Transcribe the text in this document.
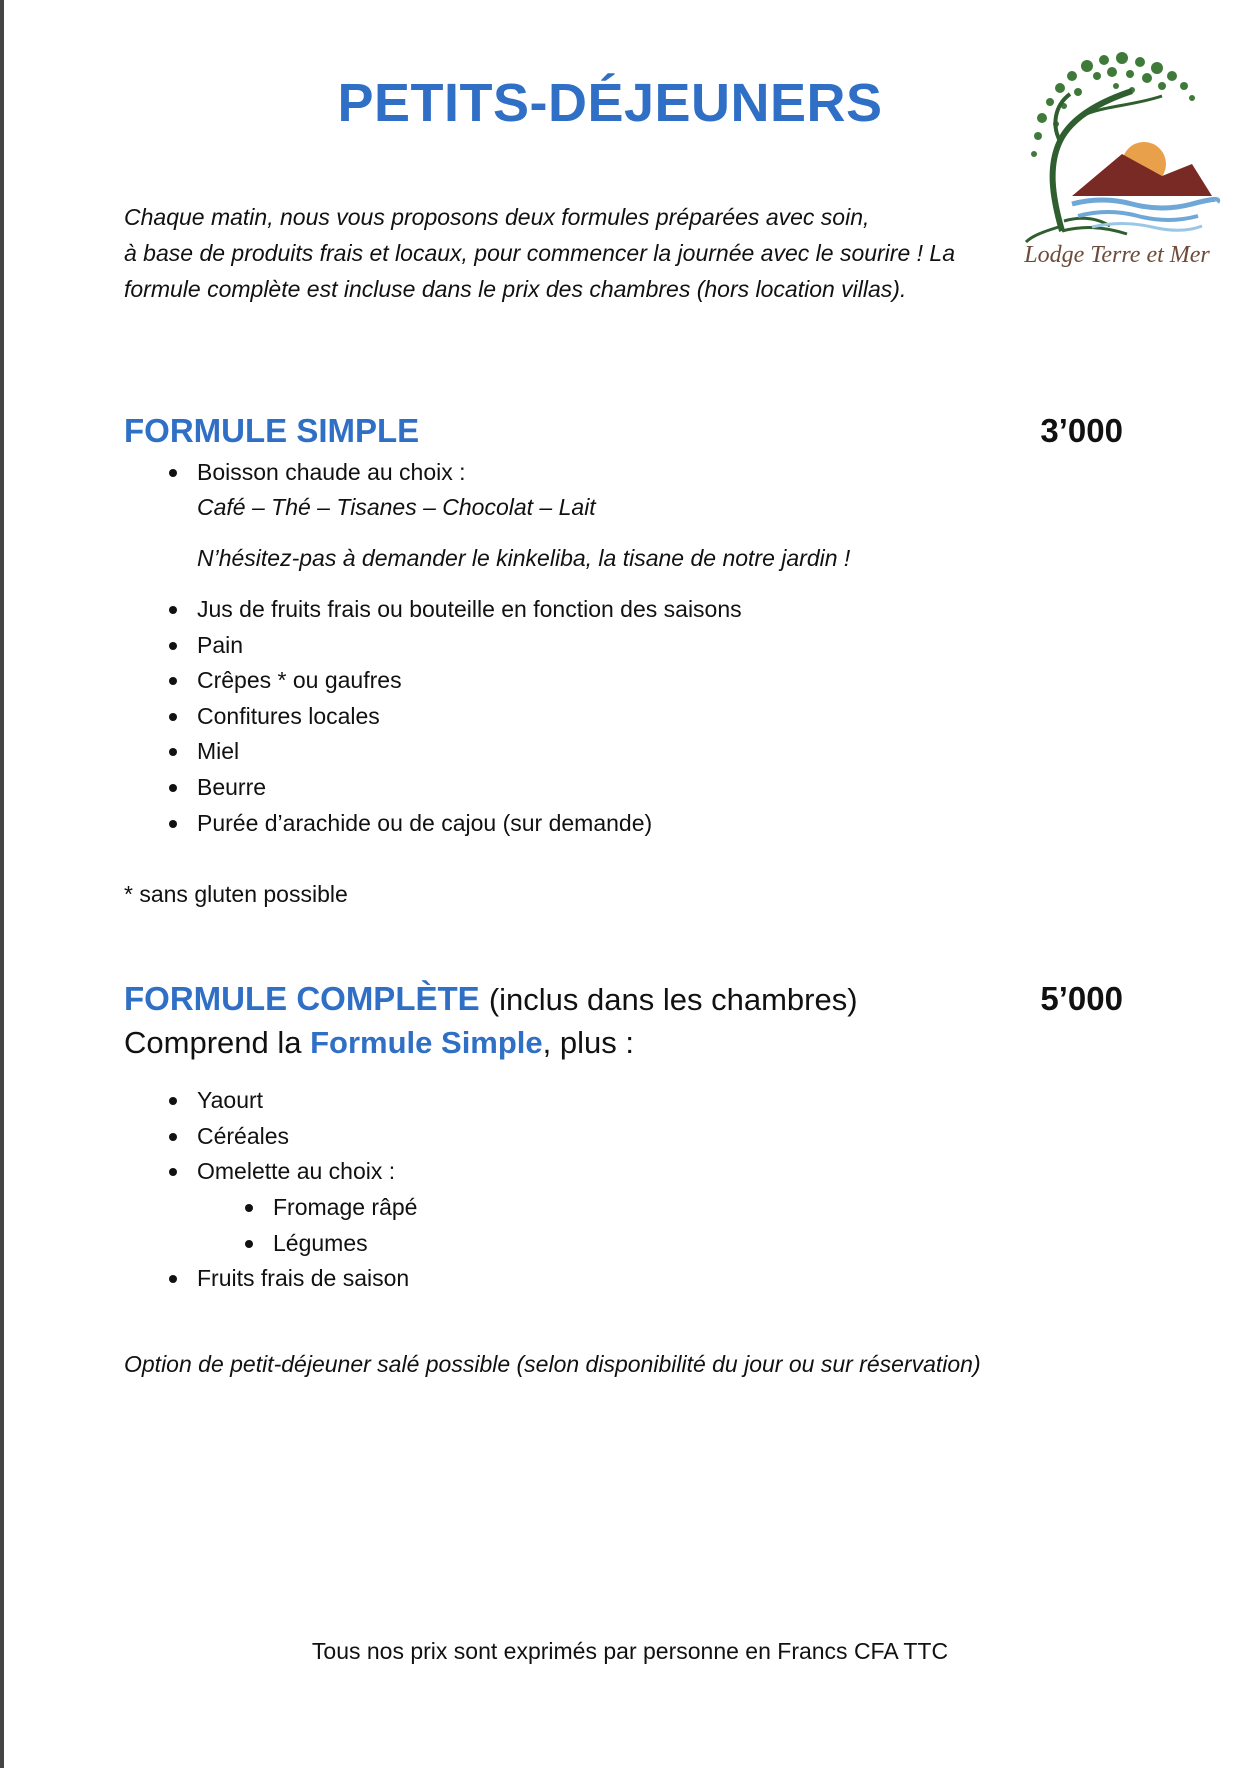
PETITS-DÉJEUNERS
Lodge Terre et Mer
Chaque matin, nous vous proposons deux formules préparées avec soin,
à base de produits frais et locaux, pour commencer la journée avec le sourire ! La
formule complète est incluse dans le prix des chambres (hors location villas).
FORMULE SIMPLE	3’000
Boisson chaude au choix :
Café – Thé – Tisanes – Chocolat – Lait
N’hésitez-pas à demander le kinkeliba, la tisane de notre jardin !
Jus de fruits frais ou bouteille en fonction des saisons
Pain
Crêpes * ou gaufres
Confitures locales
Miel
Beurre
Purée d’arachide ou de cajou (sur demande)
* sans gluten possible
FORMULE COMPLÈTE (inclus dans les chambres)	5’000
Comprend la Formule Simple, plus :
Yaourt
Céréales
Omelette au choix :
Fromage râpé
Légumes
Fruits frais de saison
Option de petit-déjeuner salé possible (selon disponibilité du jour ou sur réservation)
Tous nos prix sont exprimés par personne en Francs CFA TTC
